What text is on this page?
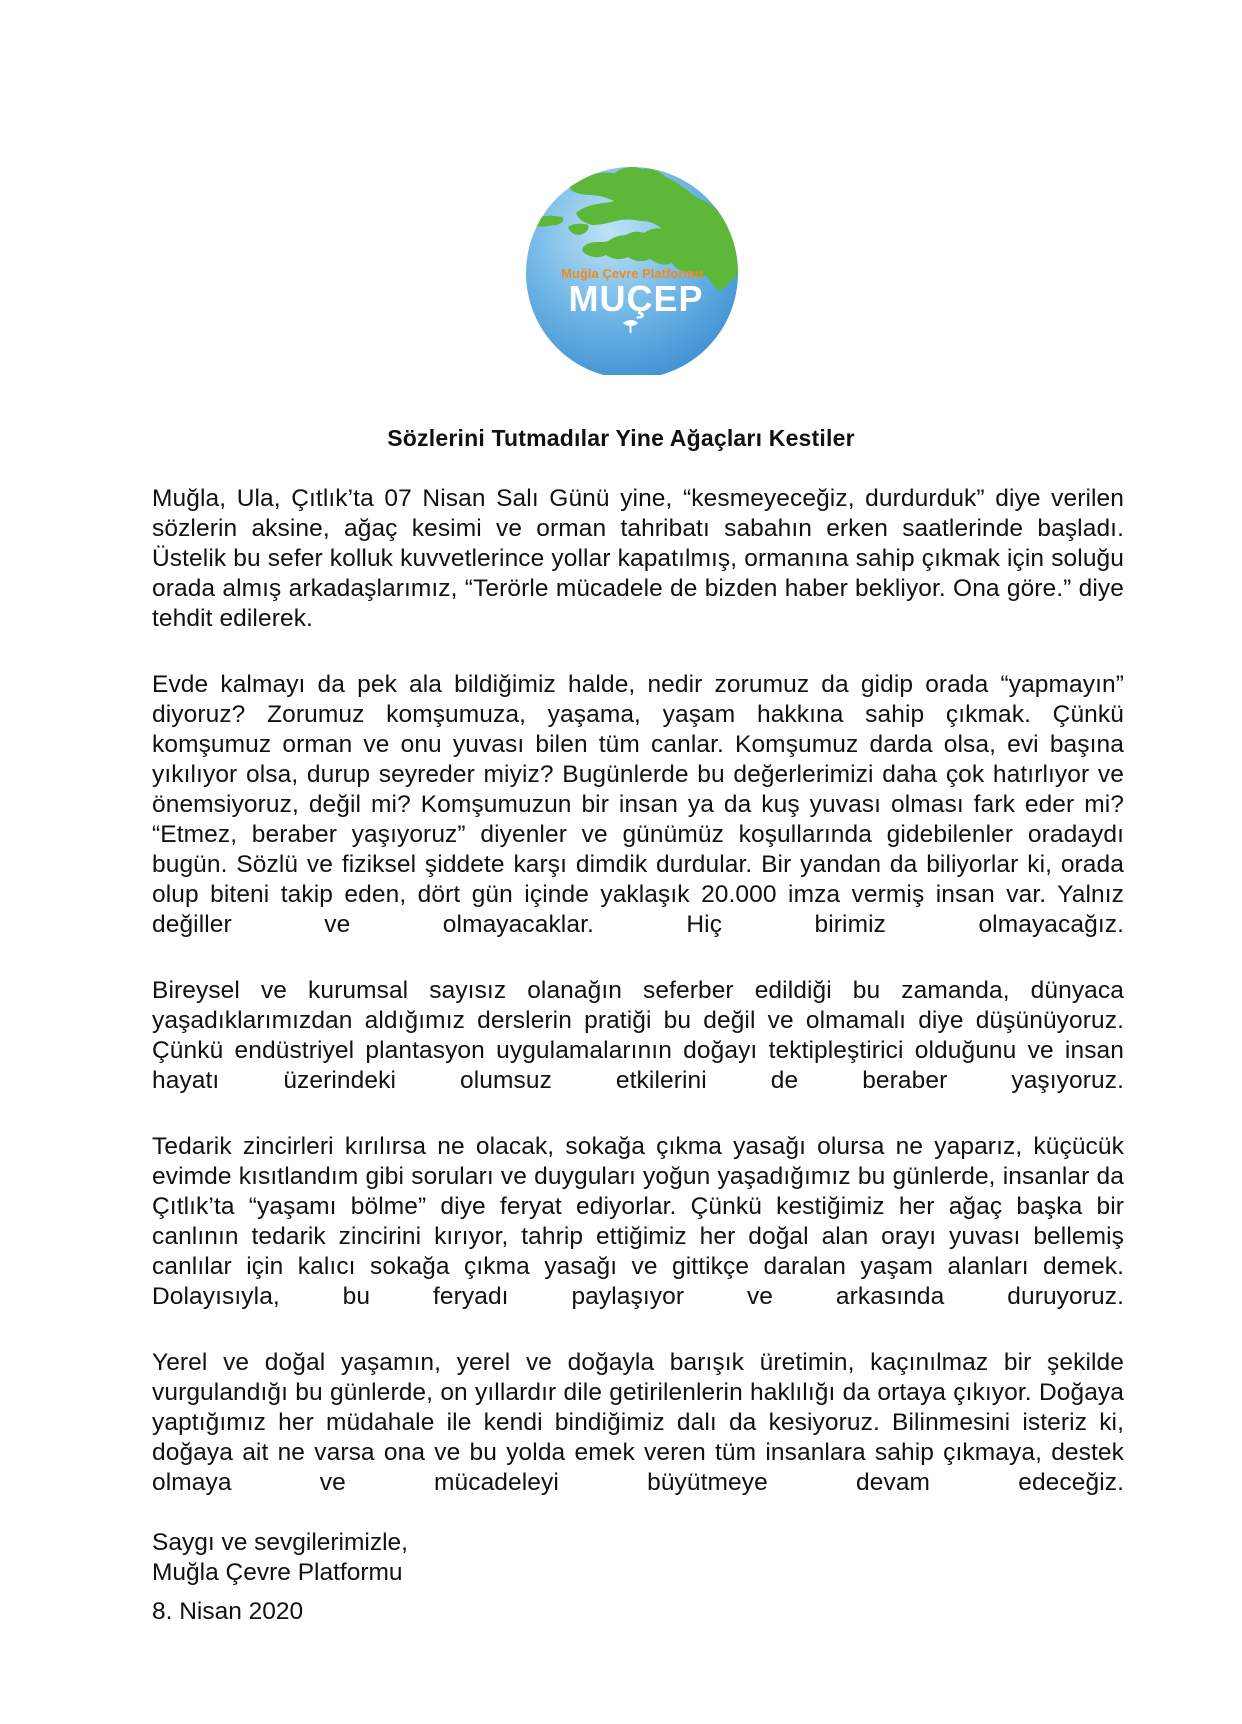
Muğla Çevre Platformu
MUÇEP
Sözlerini Tutmadılar Yine Ağaçları Kestiler

Muğla, Ula, Çıtlık’ta 07 Nisan Salı Günü yine, “kesmeyeceğiz, durdurduk” diye verilen sözlerin aksine, ağaç kesimi ve orman tahribatı sabahın erken saatlerinde başladı. Üstelik bu sefer kolluk kuvvetlerince yollar kapatılmış, ormanına sahip çıkmak için soluğu orada almış arkadaşlarımız, “Terörle mücadele de bizden haber bekliyor. Ona göre.” diye tehdit edilerek.

Evde kalmayı da pek ala bildiğimiz halde, nedir zorumuz da gidip orada “yapmayın” diyoruz? Zorumuz komşumuza, yaşama, yaşam hakkına sahip çıkmak. Çünkü komşumuz orman ve onu yuvası bilen tüm canlar. Komşumuz darda olsa, evi başına yıkılıyor olsa, durup seyreder miyiz? Bugünlerde bu değerlerimizi daha çok hatırlıyor ve önemsiyoruz, değil mi? Komşumuzun bir insan ya da kuş yuvası olması fark eder mi? “Etmez, beraber yaşıyoruz” diyenler ve günümüz koşullarında gidebilenler oradaydı bugün. Sözlü ve fiziksel şiddete karşı dimdik durdular. Bir yandan da biliyorlar ki, orada olup biteni takip eden, dört gün içinde yaklaşık 20.000 imza vermiş insan var. Yalnız değiller ve olmayacaklar. Hiç birimiz olmayacağız.

Bireysel ve kurumsal sayısız olanağın seferber edildiği bu zamanda, dünyaca yaşadıklarımızdan aldığımız derslerin pratiği bu değil ve olmamalı diye düşünüyoruz. Çünkü endüstriyel plantasyon uygulamalarının doğayı tektipleştirici olduğunu ve insan hayatı üzerindeki olumsuz etkilerini de beraber yaşıyoruz.

Tedarik zincirleri kırılırsa ne olacak, sokağa çıkma yasağı olursa ne yaparız, küçücük evimde kısıtlandım gibi soruları ve duyguları yoğun yaşadığımız bu günlerde, insanlar da Çıtlık’ta “yaşamı bölme” diye feryat ediyorlar. Çünkü kestiğimiz her ağaç başka bir canlının tedarik zincirini kırıyor, tahrip ettiğimiz her doğal alan orayı yuvası bellemiş canlılar için kalıcı sokağa çıkma yasağı ve gittikçe daralan yaşam alanları demek. Dolayısıyla, bu feryadı paylaşıyor ve arkasında duruyoruz.

Yerel ve doğal yaşamın, yerel ve doğayla barışık üretimin, kaçınılmaz bir şekilde vurgulandığı bu günlerde, on yıllardır dile getirilenlerin haklılığı da ortaya çıkıyor. Doğaya yaptığımız her müdahale ile kendi bindiğimiz dalı da kesiyoruz. Bilinmesini isteriz ki, doğaya ait ne varsa ona ve bu yolda emek veren tüm insanlara sahip çıkmaya, destek olmaya ve mücadeleyi büyütmeye devam edeceğiz.

Saygı ve sevgilerimizle,
Muğla Çevre Platformu
8. Nisan 2020
